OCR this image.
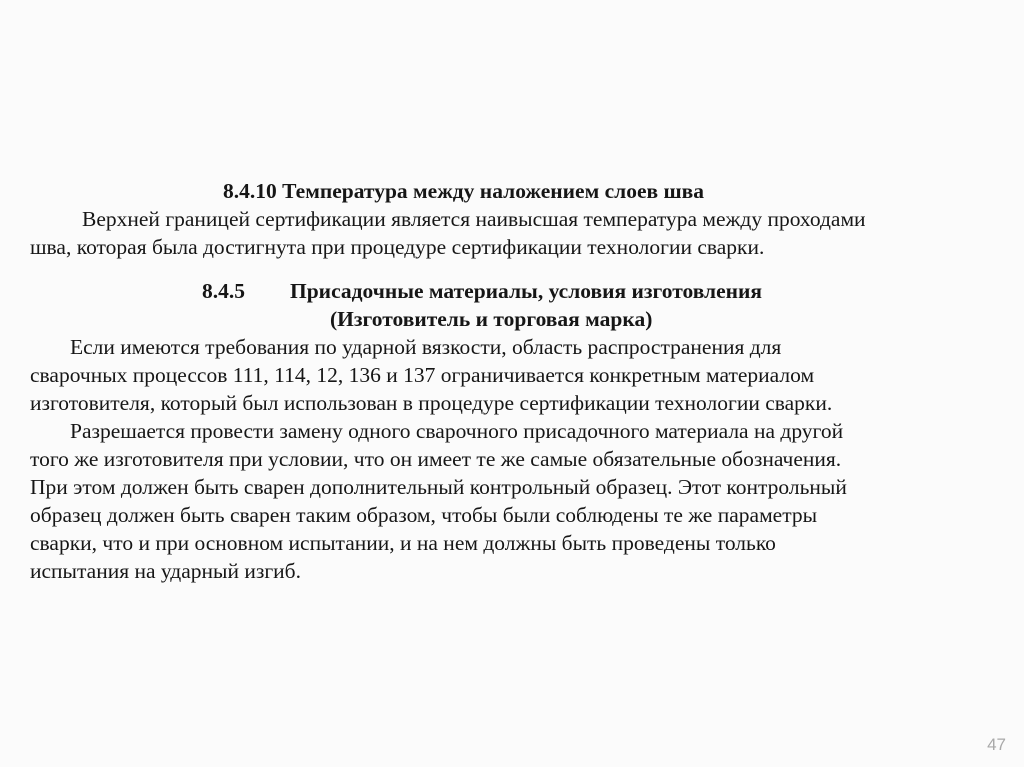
8.4.10 Температура между наложением слоев шва
Верхней границей сертификации является наивысшая температура между проходами
шва, которая была достигнута при процедуре сертификации технологии сварки.
8.4.5 Присадочные материалы, условия изготовления
(Изготовитель и торговая марка)
Если имеются требования по ударной вязкости, область распространения для
сварочных процессов 111, 114, 12, 136 и 137 ограничивается конкретным материалом
изготовителя, который был использован в процедуре сертификации технологии сварки.
Разрешается провести замену одного сварочного присадочного материала на другой
того же изготовителя при условии, что он имеет те же самые обязательные обозначения.
При этом должен быть сварен дополнительный контрольный образец. Этот контрольный
образец должен быть сварен таким образом, чтобы были соблюдены те же параметры
сварки, что и при основном испытании, и на нем должны быть проведены только
испытания на ударный изгиб.
47
